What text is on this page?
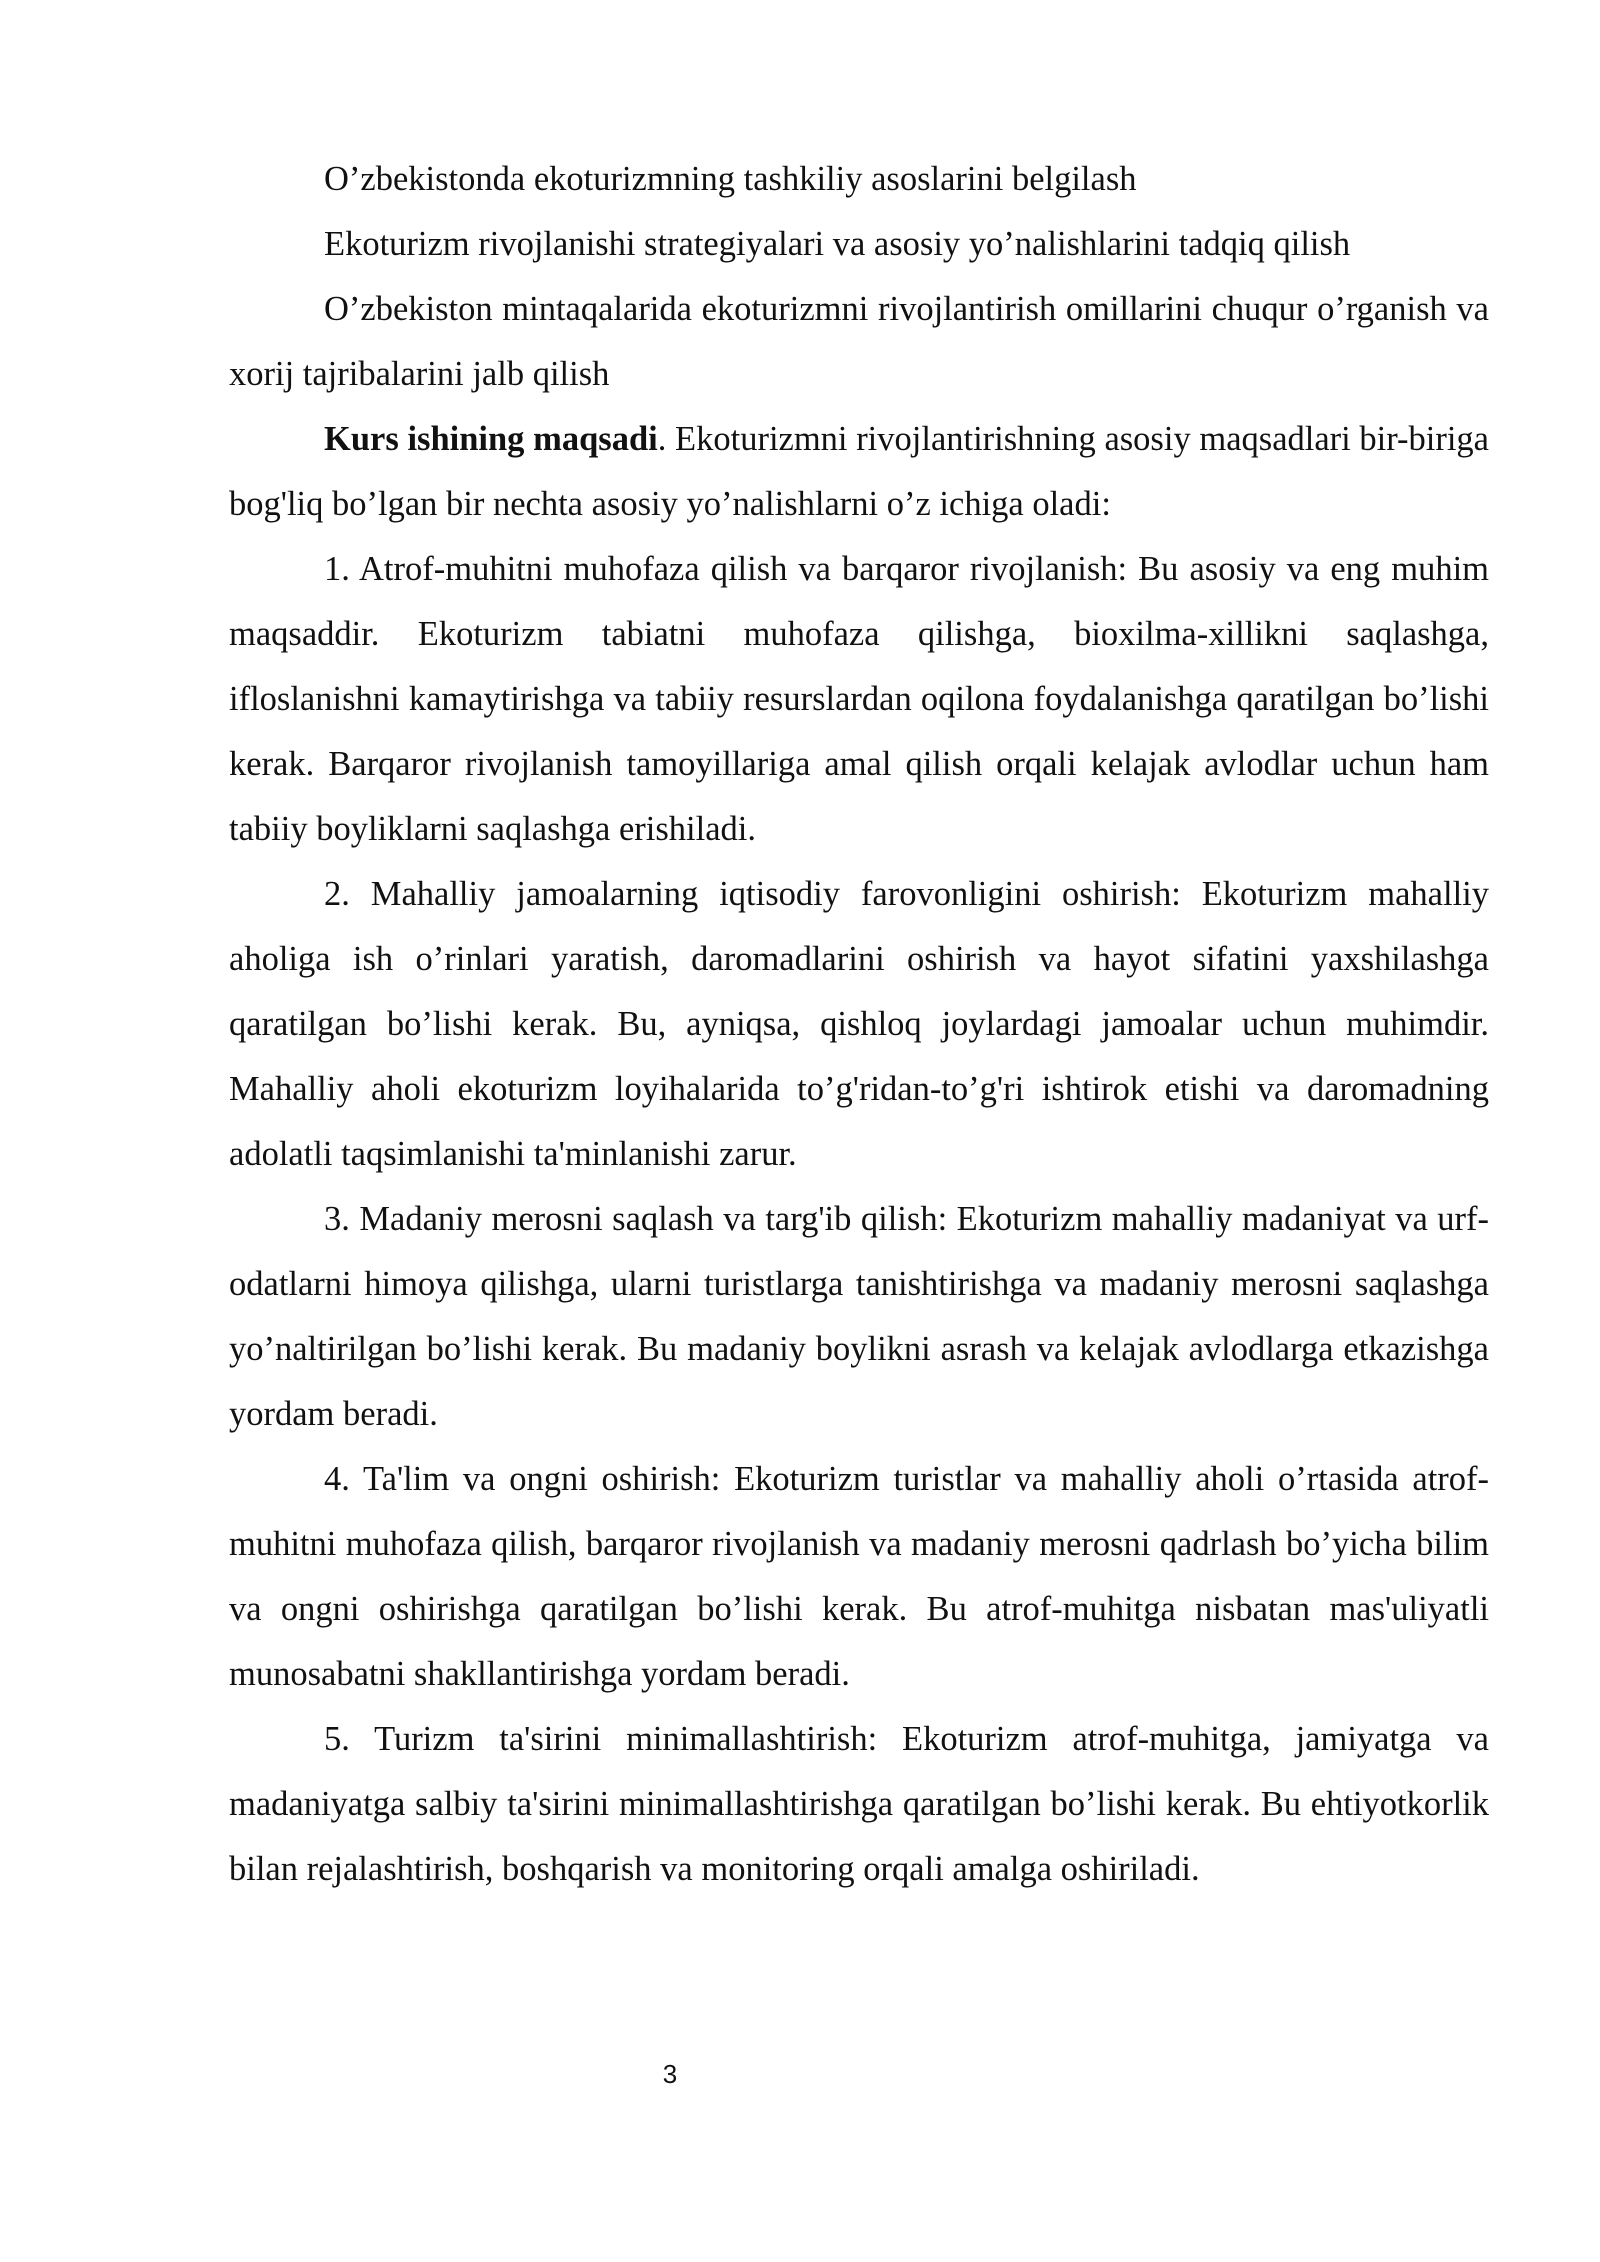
O’zbekistonda ekoturizmning tashkiliy asoslarini belgilash

Ekoturizm rivojlanishi strategiyalari va asosiy yo’nalishlarini tadqiq qilish

O’zbekiston mintaqalarida ekoturizmni rivojlantirish omillarini chuqur o’rganish va xorij tajribalarini jalb qilish

Kurs ishining maqsadi. Ekoturizmni rivojlantirishning asosiy maqsadlari bir-biriga bog'liq bo’lgan bir nechta asosiy yo’nalishlarni o’z ichiga oladi:

1. Atrof-muhitni muhofaza qilish va barqaror rivojlanish: Bu asosiy va eng muhim maqsaddir. Ekoturizm tabiatni muhofaza qilishga, bioxilma-xillikni saqlashga, ifloslanishni kamaytirishga va tabiiy resurslardan oqilona foydalanishga qaratilgan bo’lishi kerak. Barqaror rivojlanish tamoyillariga amal qilish orqali kelajak avlodlar uchun ham tabiiy boyliklarni saqlashga erishiladi.

2. Mahalliy jamoalarning iqtisodiy farovonligini oshirish: Ekoturizm mahalliy aholiga ish o’rinlari yaratish, daromadlarini oshirish va hayot sifatini yaxshilashga qaratilgan bo’lishi kerak. Bu, ayniqsa, qishloq joylardagi jamoalar uchun muhimdir. Mahalliy aholi ekoturizm loyihalarida to’g'ridan-to’g'ri ishtirok etishi va daromadning adolatli taqsimlanishi ta'minlanishi zarur.

3. Madaniy merosni saqlash va targ'ib qilish: Ekoturizm mahalliy madaniyat va urf-odatlarni himoya qilishga, ularni turistlarga tanishtirishga va madaniy merosni saqlashga yo’naltirilgan bo’lishi kerak. Bu madaniy boylikni asrash va kelajak avlodlarga etkazishga yordam beradi.

4. Ta'lim va ongni oshirish: Ekoturizm turistlar va mahalliy aholi o’rtasida atrof-muhitni muhofaza qilish, barqaror rivojlanish va madaniy merosni qadrlash bo’yicha bilim va ongni oshirishga qaratilgan bo’lishi kerak. Bu atrof-muhitga nisbatan mas'uliyatli munosabatni shakllantirishga yordam beradi.

5. Turizm ta'sirini minimallashtirish: Ekoturizm atrof-muhitga, jamiyatga va madaniyatga salbiy ta'sirini minimallashtirishga qaratilgan bo’lishi kerak. Bu ehtiyotkorlik bilan rejalashtirish, boshqarish va monitoring orqali amalga oshiriladi.

3
